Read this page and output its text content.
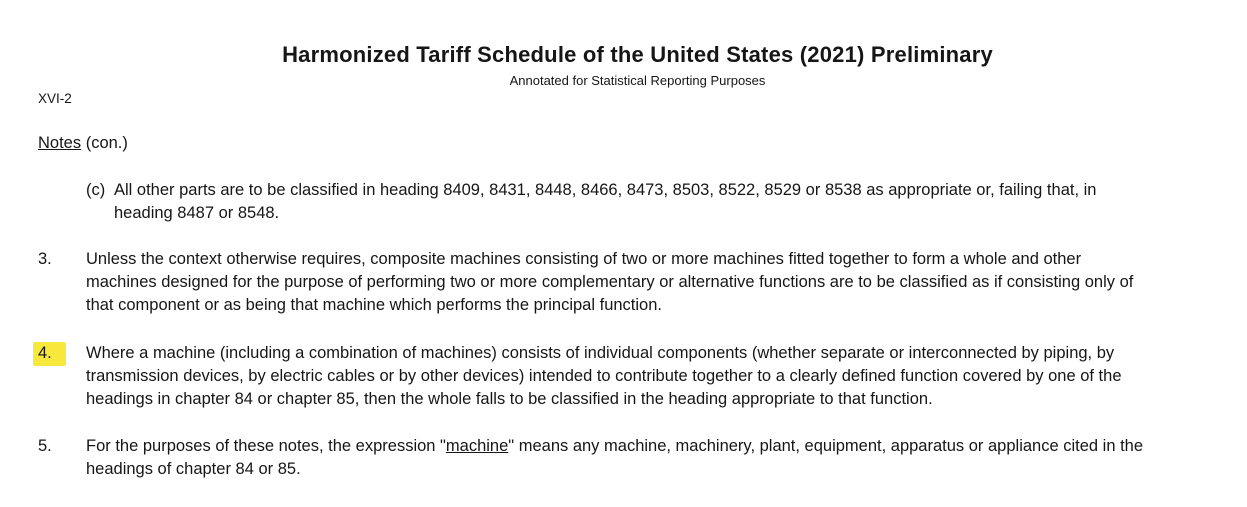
Harmonized Tariff Schedule of the United States (2021) Preliminary
Annotated for Statistical Reporting Purposes
XVI-2
Notes (con.)
(c) All other parts are to be classified in heading 8409, 8431, 8448, 8466, 8473, 8503, 8522, 8529 or 8538 as appropriate or, failing that, in heading 8487 or 8548.

3.	Unless the context otherwise requires, composite machines consisting of two or more machines fitted together to form a whole and other machines designed for the purpose of performing two or more complementary or alternative functions are to be classified as if consisting only of that component or as being that machine which performs the principal function.

4.	Where a machine (including a combination of machines) consists of individual components (whether separate or interconnected by piping, by transmission devices, by electric cables or by other devices) intended to contribute together to a clearly defined function covered by one of the headings in chapter 84 or chapter 85, then the whole falls to be classified in the heading appropriate to that function.

5.	For the purposes of these notes, the expression "machine" means any machine, machinery, plant, equipment, apparatus or appliance cited in the headings of chapter 84 or 85.
